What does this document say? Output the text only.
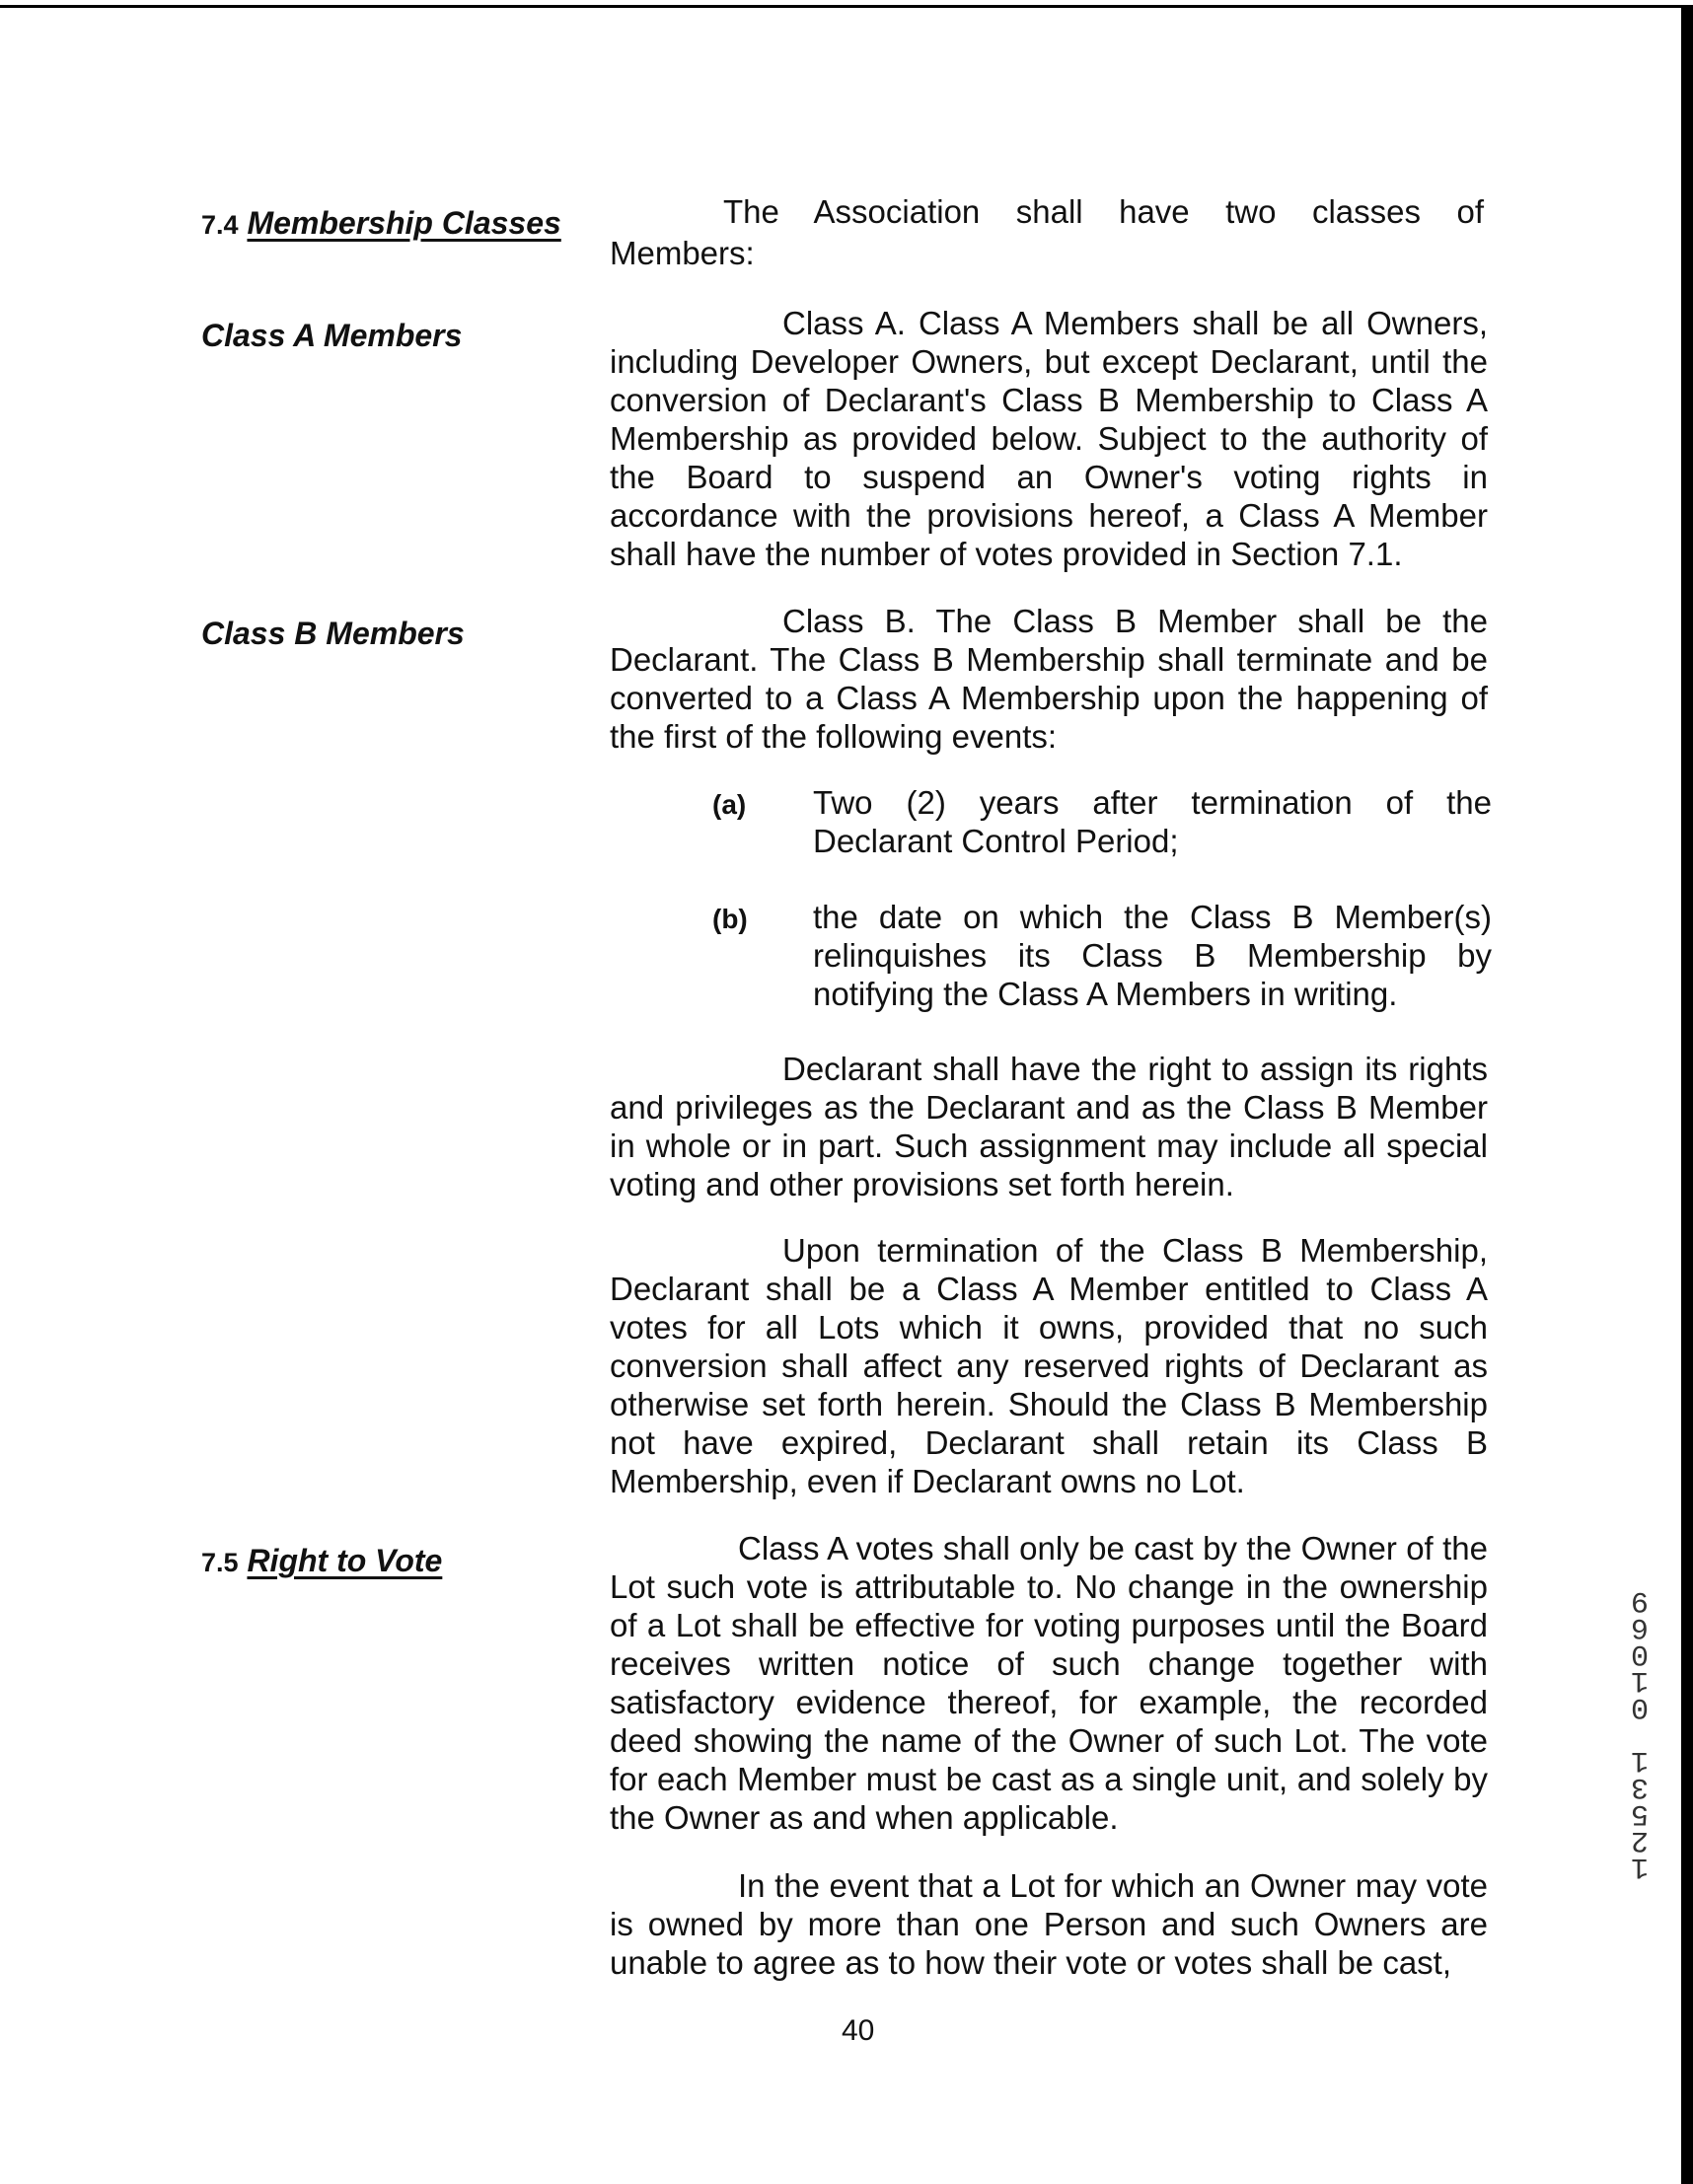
7.4 Membership Classes	The Association shall have two classes of
Members:
Class A Members	Class A. Class A Members shall be all Owners, including Developer Owners, but except Declarant, until the conversion of Declarant's Class B Membership to Class A Membership as provided below. Subject to the authority of the Board to suspend an Owner's voting rights in accordance with the provisions hereof, a Class A Member shall have the number of votes provided in Section 7.1.
Class B Members	Class B. The Class B Member shall be the Declarant. The Class B Membership shall terminate and be converted to a Class A Membership upon the happening of the first of the following events:
(a) Two (2) years after termination of the Declarant Control Period;
(b) the date on which the Class B Member(s) relinquishes its Class B Membership by notifying the Class A Members in writing.
Declarant shall have the right to assign its rights and privileges as the Declarant and as the Class B Member in whole or in part. Such assignment may include all special voting and other provisions set forth herein.
Upon termination of the Class B Membership, Declarant shall be a Class A Member entitled to Class A votes for all Lots which it owns, provided that no such conversion shall affect any reserved rights of Declarant as otherwise set forth herein. Should the Class B Membership not have expired, Declarant shall retain its Class B Membership, even if Declarant owns no Lot.
7.5 Right to Vote	Class A votes shall only be cast by the Owner of the Lot such vote is attributable to. No change in the ownership of a Lot shall be effective for voting purposes until the Board receives written notice of such change together with satisfactory evidence thereof, for example, the recorded deed showing the name of the Owner of such Lot. The vote for each Member must be cast as a single unit, and solely by the Owner as and when applicable.
In the event that a Lot for which an Owner may vote is owned by more than one Person and such Owners are unable to agree as to how their vote or votes shall be cast,
40
1
2
5
3
1

0
1
0
6
9
